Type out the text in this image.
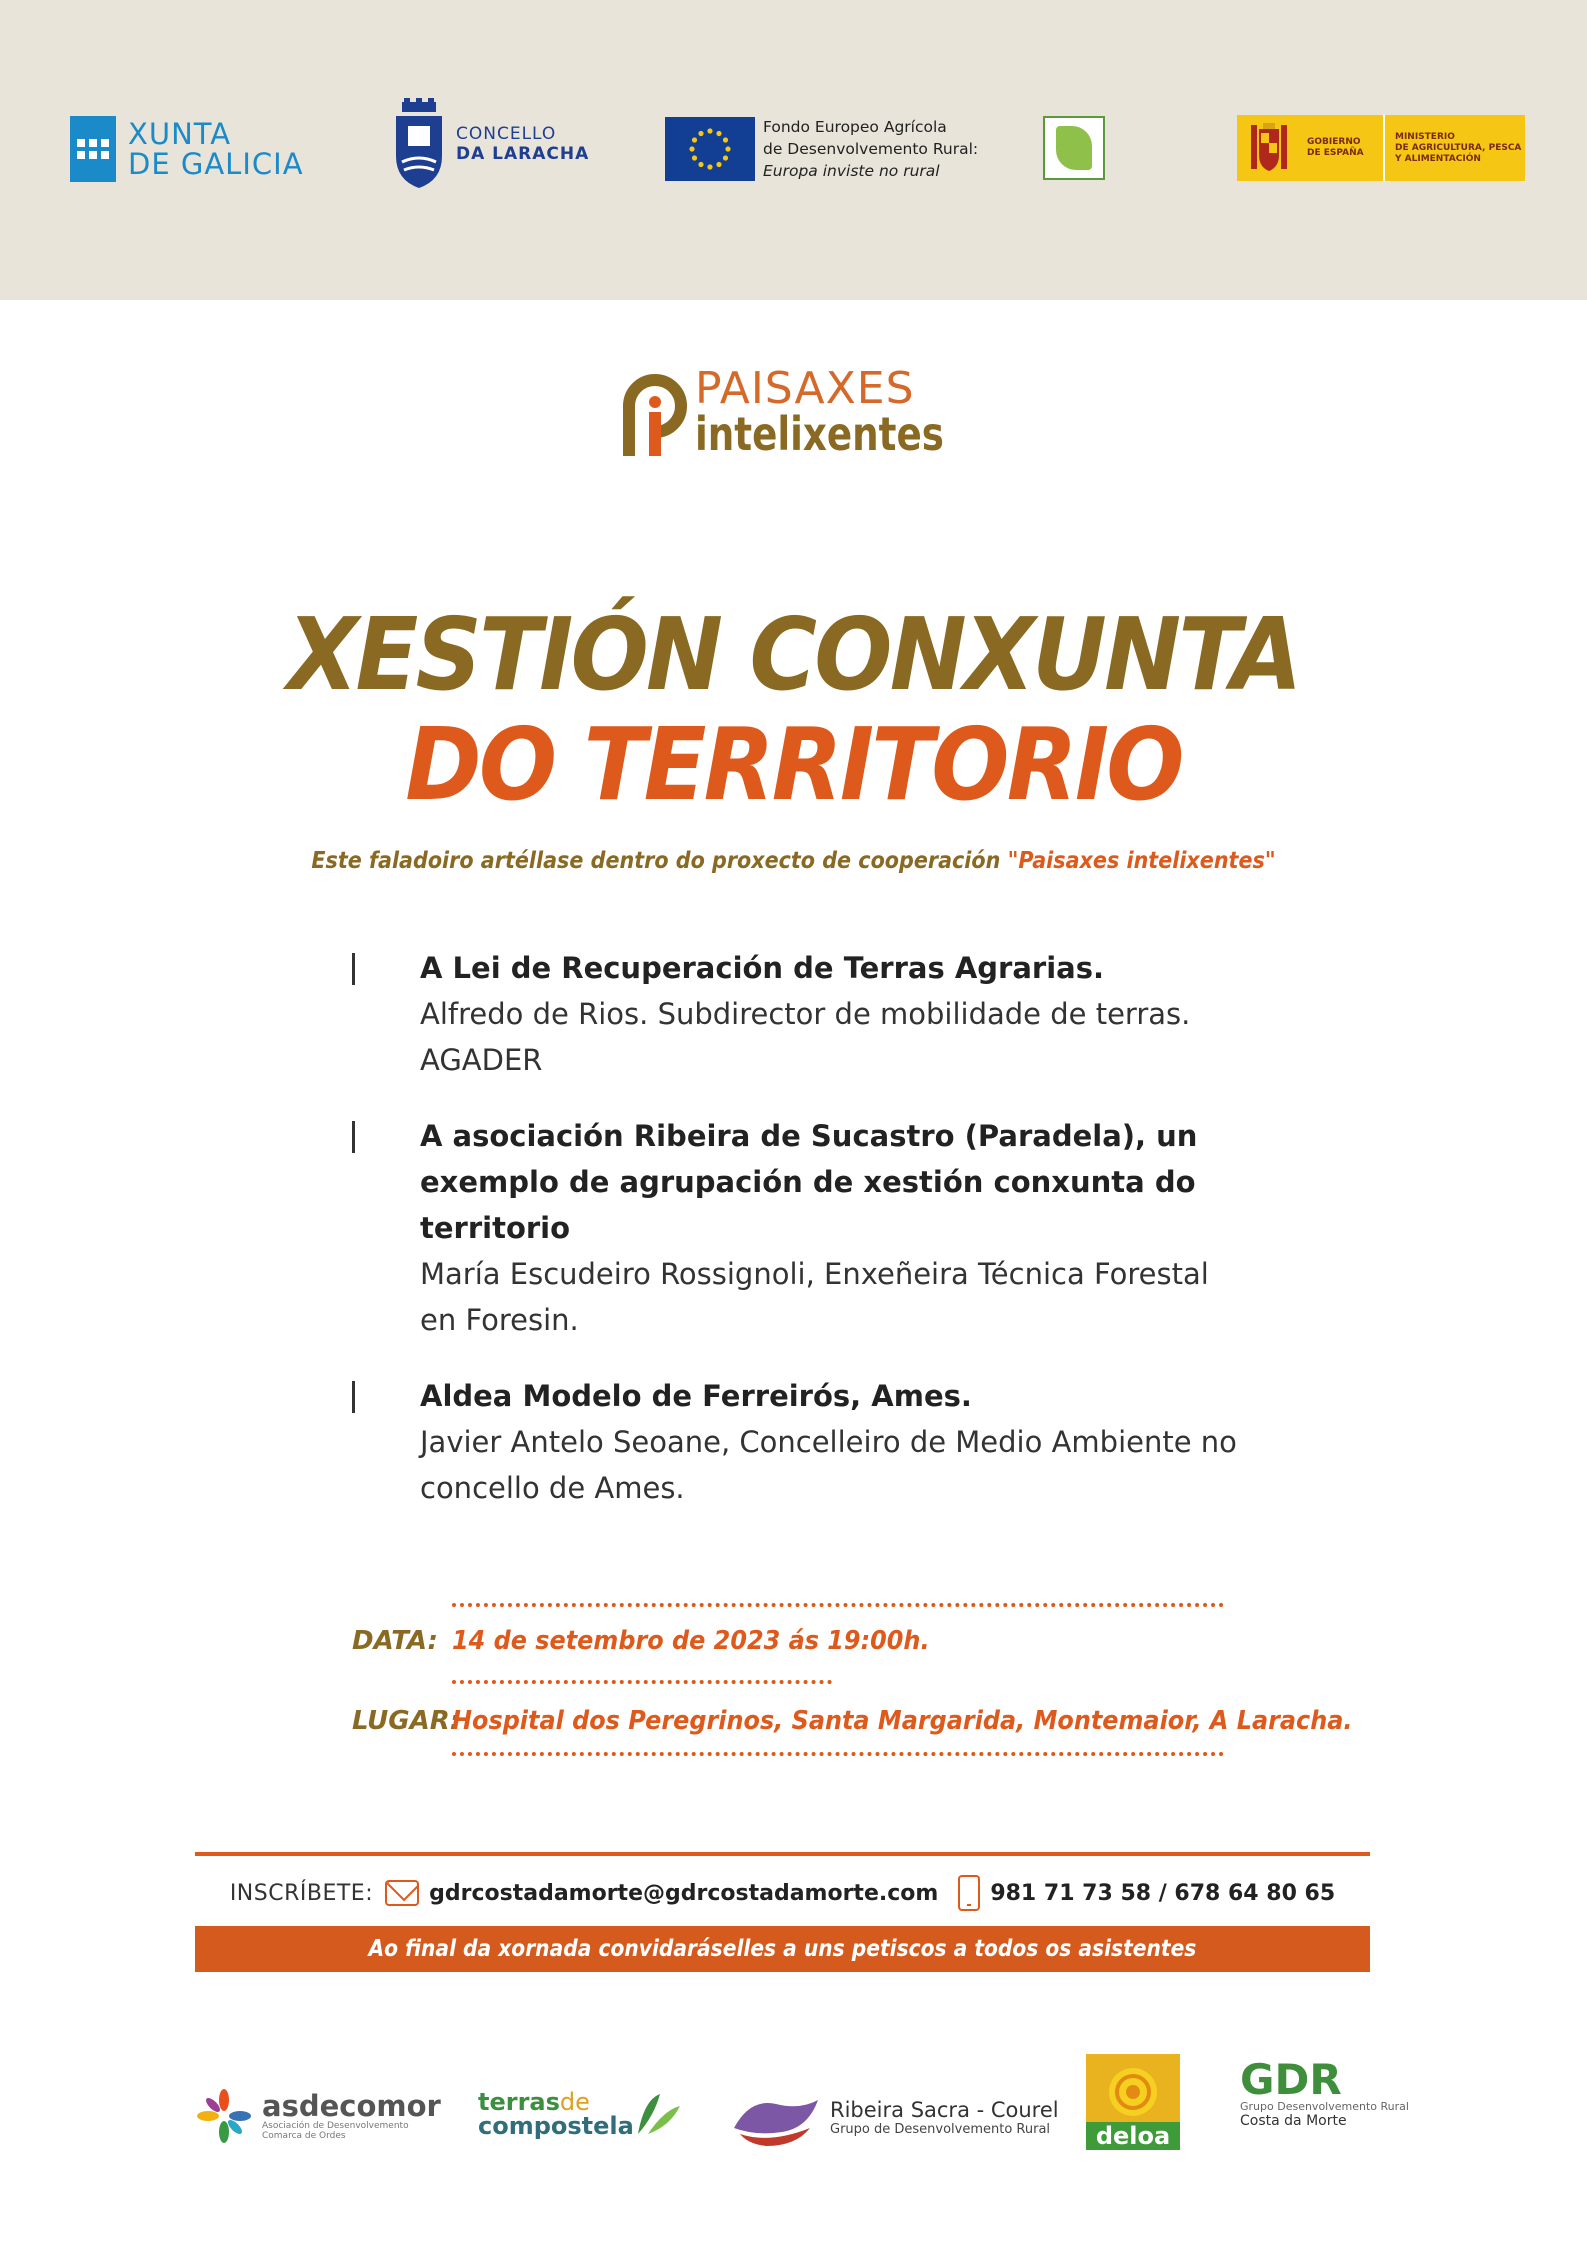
XUNTA
DE GALICIA
CONCELLO
DA LARACHA
Fondo Europeo Agrícola
de Desenvolvemento Rural:
Europa inviste no rural
GOBIERNO
DE ESPAÑA
MINISTERIO
DE AGRICULTURA, PESCA
Y ALIMENTACIÓN
PAISAXES
intelixentes
XESTIÓN CONXUNTA
DO TERRITORIO
Este faladoiro artéllase dentro do proxecto de cooperación "Paisaxes intelixentes"
A Lei de Recuperación de Terras Agrarias.
Alfredo de Rios. Subdirector de mobilidade de terras. AGADER
A asociación Ribeira de Sucastro (Paradela), un exemplo de agrupación de xestión conxunta do territorio
María Escudeiro Rossignoli, Enxeñeira Técnica Forestal en Foresin.
Aldea Modelo de Ferreirós, Ames.
Javier Antelo Seoane, Concelleiro de Medio Ambiente no concello de Ames.
DATA: 14 de setembro de 2023 ás 19:00h.
LUGAR:
Hospital dos Peregrinos, Santa Margarida, Montemaior, A Laracha.
INSCRÍBETE:	gdrcostadamorte@gdrcostadamorte.com 981 71 73 58 / 678 64 80 65
Ao final da xornada convidaráselles a uns petiscos a todos os asistentes
asdecomor
Asociación de Desenvolvemento
Comarca de Ordes
terrasde
compostela
Ribeira Sacra - Courel
Grupo de Desenvolvemento Rural	deloa
GDR
Grupo Desenvolvemento Rural
Costa da Morte
